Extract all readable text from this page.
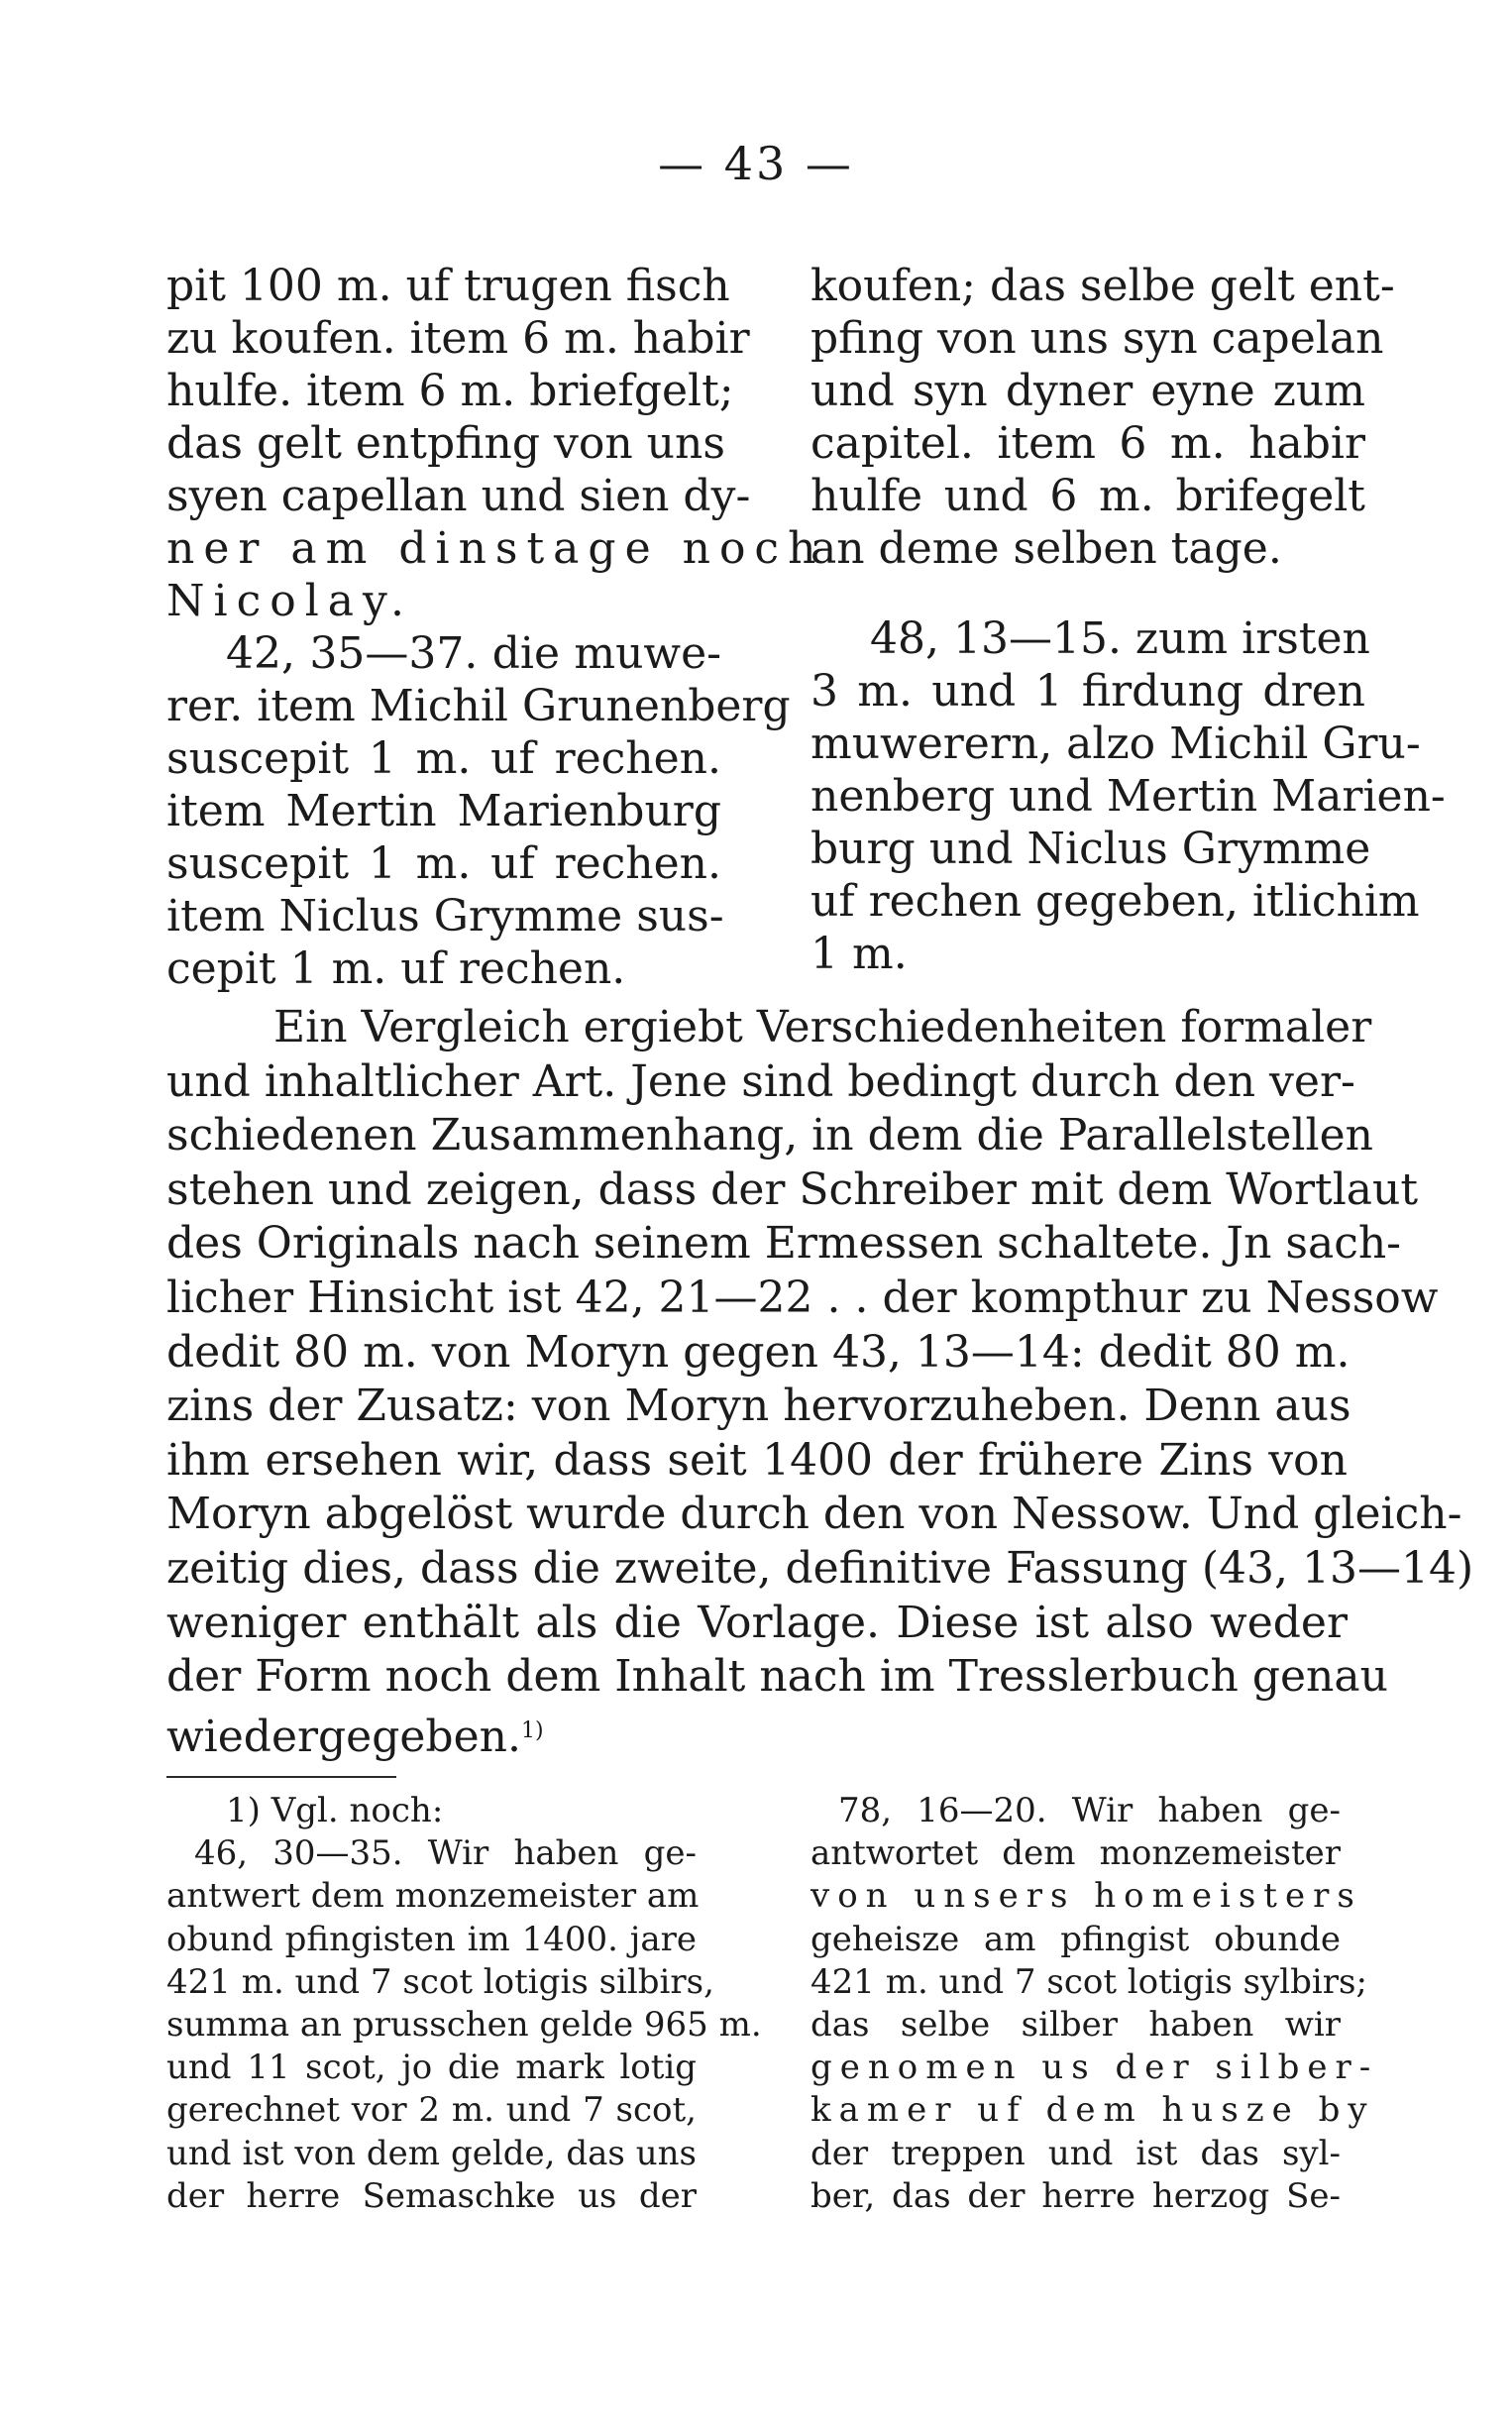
— 43 —
pit 100 m. uf trugen fisch
zu koufen. item 6 m. habir
hulfe. item 6 m. briefgelt;
das gelt entpfing von uns
syen capellan und sien dy-
ner am dinstage noch
Nicolay.
42, 35—37. die muwe-
rer. item Michil Grunenberg
suscepit 1 m. uf rechen.
item Mertin Marienburg
suscepit 1 m. uf rechen.
item Niclus Grymme sus-
cepit 1 m. uf rechen.
koufen; das selbe gelt ent-
pfing von uns syn capelan
und syn dyner eyne zum
capitel. item 6 m. habir
hulfe und 6 m. brifegelt
an deme selben tage.
48, 13—15. zum irsten
3 m. und 1 firdung dren
muwerern, alzo Michil Gru-
nenberg und Mertin Marien-
burg und Niclus Grymme
uf rechen gegeben, itlichim
1 m.
Ein Vergleich ergiebt Verschiedenheiten formaler
und inhaltlicher Art. Jene sind bedingt durch den ver-
schiedenen Zusammenhang, in dem die Parallelstellen
stehen und zeigen, dass der Schreiber mit dem Wortlaut
des Originals nach seinem Ermessen schaltete. Jn sach-
licher Hinsicht ist 42, 21—22 . . der kompthur zu Nessow
dedit 80 m. von Moryn gegen 43, 13—14: dedit 80 m.
zins der Zusatz: von Moryn hervorzuheben. Denn aus
ihm ersehen wir, dass seit 1400 der frühere Zins von
Moryn abgelöst wurde durch den von Nessow. Und gleich-
zeitig dies, dass die zweite, definitive Fassung (43, 13—14)
weniger enthält als die Vorlage. Diese ist also weder
der Form noch dem Inhalt nach im Tresslerbuch genau
wiedergegeben.$^{1)}$
1) Vgl. noch:
46, 30—35. Wir haben ge-
antwert dem monzemeister am
obund pfingisten im 1400. jare
421 m. und 7 scot lotigis silbirs,
summa an prusschen gelde 965 m.
und 11 scot, jo die mark lotig
gerechnet vor 2 m. und 7 scot,
und ist von dem gelde, das uns
der herre Semaschke us der
78, 16—20. Wir haben ge-
antwortet dem monzemeister
von unsers homeisters
geheisze am pfingist obunde
421 m. und 7 scot lotigis sylbirs;
das selbe silber haben wir
genomen us der silber-
kamer uf dem husze by
der treppen und ist das syl-
ber, das der herre herzog Se-
